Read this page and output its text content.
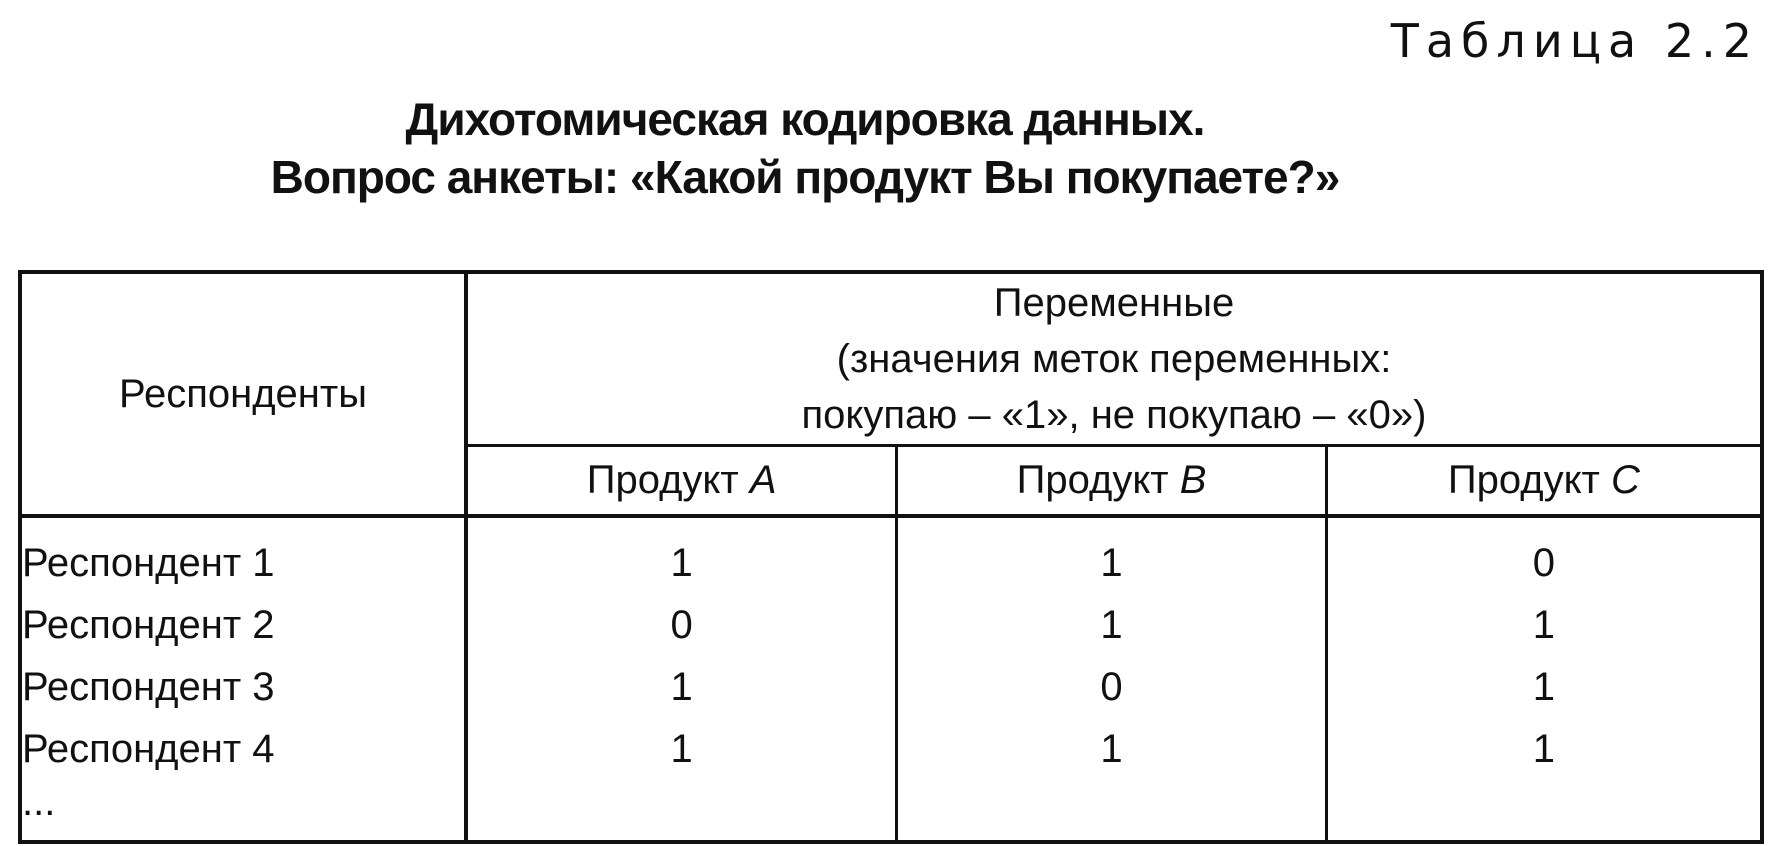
Таблица 2.2
Дихотомическая кодировка данных.
Вопрос анкеты: «Какой продукт Вы покупаете?»
Респонденты	Переменные
(значения меток переменных:
покупаю – «1», не покупаю – «0»)		

	Продукт A	Продукт B	Продукт C
Респондент 1	1	1	0
Респондент 2	0	1	1
Респондент 3	1	0	1
Респондент 4	1	1	1
...			
